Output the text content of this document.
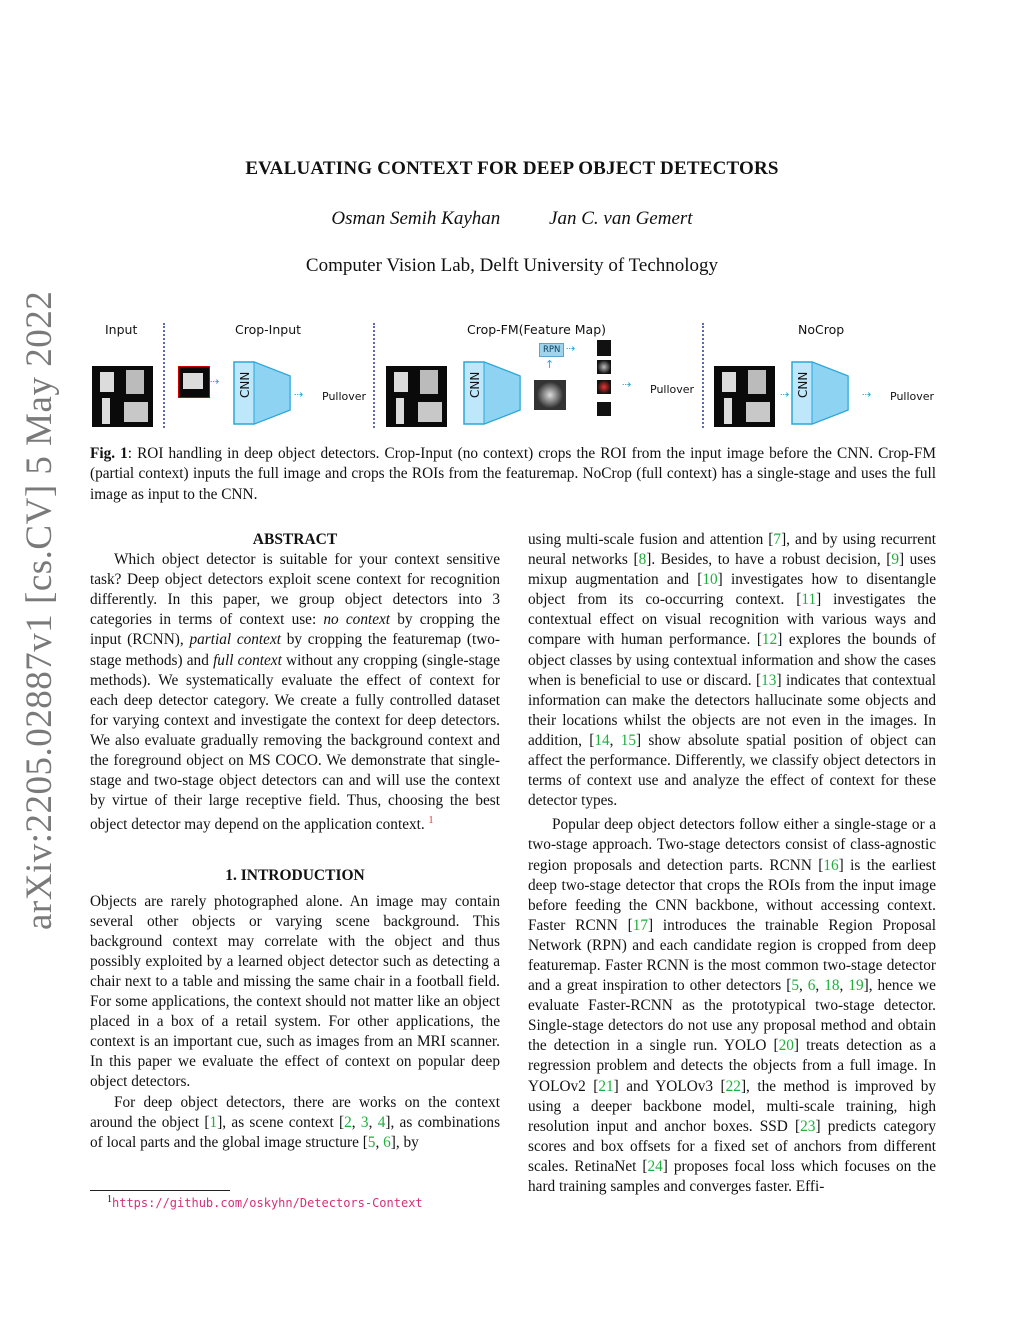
arXiv:2205.02887v1 [cs.CV] 5 May 2022
EVALUATING CONTEXT FOR DEEP OBJECT DETECTORS
Osman Semih Kayhan	Jan C. van Gemert
Computer Vision Lab, Delft University of Technology
Input	Crop-Input	Crop-FM(Feature Map)	NoCrop
⇢ CNN	⇢ Pullover	CNN
RPN ⇢
↑
⇢ Pullover	⇢ CNN	⇢ Pullover
Fig. 1: ROI handling in deep object detectors. Crop-Input (no context) crops the ROI from the input image before the CNN. Crop-FM (partial context) inputs the full image and crops the ROIs from the featuremap. NoCrop (full context) has a single-stage and uses the full image as input to the CNN.

ABSTRACT

Which object detector is suitable for your context sensitive task? Deep object detectors exploit scene context for recognition differently. In this paper, we group object detectors into 3 categories in terms of context use: no context by cropping the input (RCNN), partial context by cropping the featuremap (two-stage methods) and full context without any cropping (single-stage methods). We systematically evaluate the effect of context for each deep detector category. We create a fully controlled dataset for varying context and investigate the context for deep detectors. We also evaluate gradually removing the background context and the foreground object on MS COCO. We demonstrate that single-stage and two-stage object detectors can and will use the context by virtue of their large receptive field. Thus, choosing the best object detector may depend on the application context. $^1$

1. INTRODUCTION

Objects are rarely photographed alone. An image may contain several other objects or varying scene background. This background context may correlate with the object and thus possibly exploited by a learned object detector such as detecting a chair next to a table and missing the same chair in a football field. For some applications, the context should not matter like an object placed in a box of a retail system. For other applications, the context is an important cue, such as images from an MRI scanner. In this paper we evaluate the effect of context on popular deep object detectors.

For deep object detectors, there are works on the context around the object [1], as scene context [2, 3, 4], as combinations of local parts and the global image structure [5, 6], by

using multi-scale fusion and attention [7], and by using recurrent neural networks [8]. Besides, to have a robust decision, [9] uses mixup augmentation and [10] investigates how to disentangle object from its co-occurring context. [11] investigates the contextual effect on visual recognition with various ways and compare with human performance. [12] explores the bounds of object classes by using contextual information and show the cases when is beneficial to use or discard. [13] indicates that contextual information can make the detectors hallucinate some objects and their locations whilst the objects are not even in the images. In addition, [14, 15] show absolute spatial position of object can affect the performance. Differently, we classify object detectors in terms of context use and analyze the effect of context for these detector types.

Popular deep object detectors follow either a single-stage or a two-stage approach. Two-stage detectors consist of class-agnostic region proposals and detection parts. RCNN [16] is the earliest deep two-stage detector that crops the ROIs from the input image before feeding the CNN backbone, without accessing context. Faster RCNN [17] introduces the trainable Region Proposal Network (RPN) and each candidate region is cropped from deep featuremap. Faster RCNN is the most common two-stage detector and a great inspiration to other detectors [5, 6, 18, 19], hence we evaluate Faster-RCNN as the prototypical two-stage detector. Single-stage detectors do not use any proposal method and obtain the detection in a single run. YOLO [20] treats detection as a regression problem and detects the objects from a full image. In YOLOv2 [21] and YOLOv3 [22], the method is improved by using a deeper backbone model, multi-scale training, high resolution input and anchor boxes. SSD [23] predicts category scores and box offsets for a fixed set of anchors from different scales. RetinaNet [24] proposes focal loss which focuses on the hard training samples and converges faster. Effi-

$^1$https://github.com/oskyhn/Detectors-Context
